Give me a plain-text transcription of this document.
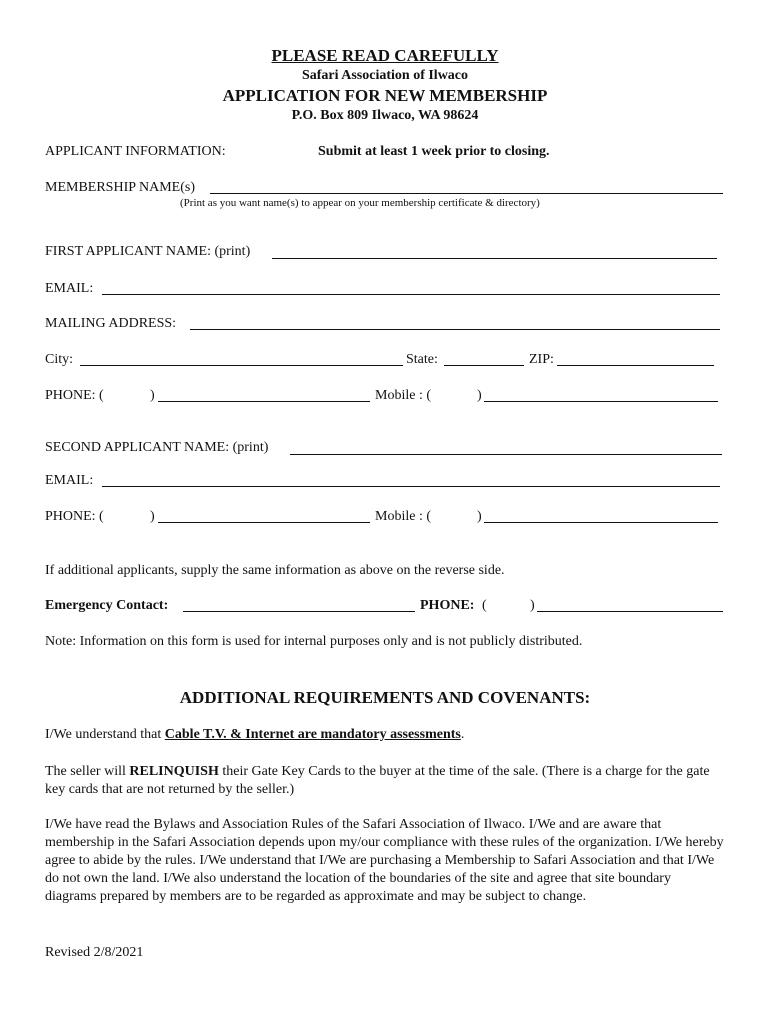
PLEASE READ CAREFULLY
Safari Association of Ilwaco
APPLICATION FOR NEW MEMBERSHIP
P.O. Box 809 Ilwaco, WA 98624
APPLICANT INFORMATION:	Submit at least 1 week prior to closing.
MEMBERSHIP NAME(s)
(Print as you want name(s) to appear on your membership certificate & directory)
FIRST APPLICANT NAME: (print)
EMAIL:
MAILING ADDRESS:
City:	State:	ZIP:
PHONE: (	)	Mobile : (	)
SECOND APPLICANT NAME: (print)
EMAIL:
PHONE: (	)	Mobile : (	)
If additional applicants, supply the same information as above on the reverse side.
Emergency Contact:	PHONE: (	)
Note: Information on this form is used for internal purposes only and is not publicly distributed.
ADDITIONAL REQUIREMENTS AND COVENANTS:
I/We understand that Cable T.V. & Internet are mandatory assessments.
The seller will RELINQUISH their Gate Key Cards to the buyer at the time of the sale. (There is a charge for the gate key cards that are not returned by the seller.)
I/We have read the Bylaws and Association Rules of the Safari Association of Ilwaco. I/We and are aware that membership in the Safari Association depends upon my/our compliance with these rules of the organization. I/We hereby agree to abide by the rules. I/We understand that I/We are purchasing a Membership to Safari Association and that I/We do not own the land. I/We also understand the location of the boundaries of the site and agree that site boundary diagrams prepared by members are to be regarded as approximate and may be subject to change.
Revised 2/8/2021
